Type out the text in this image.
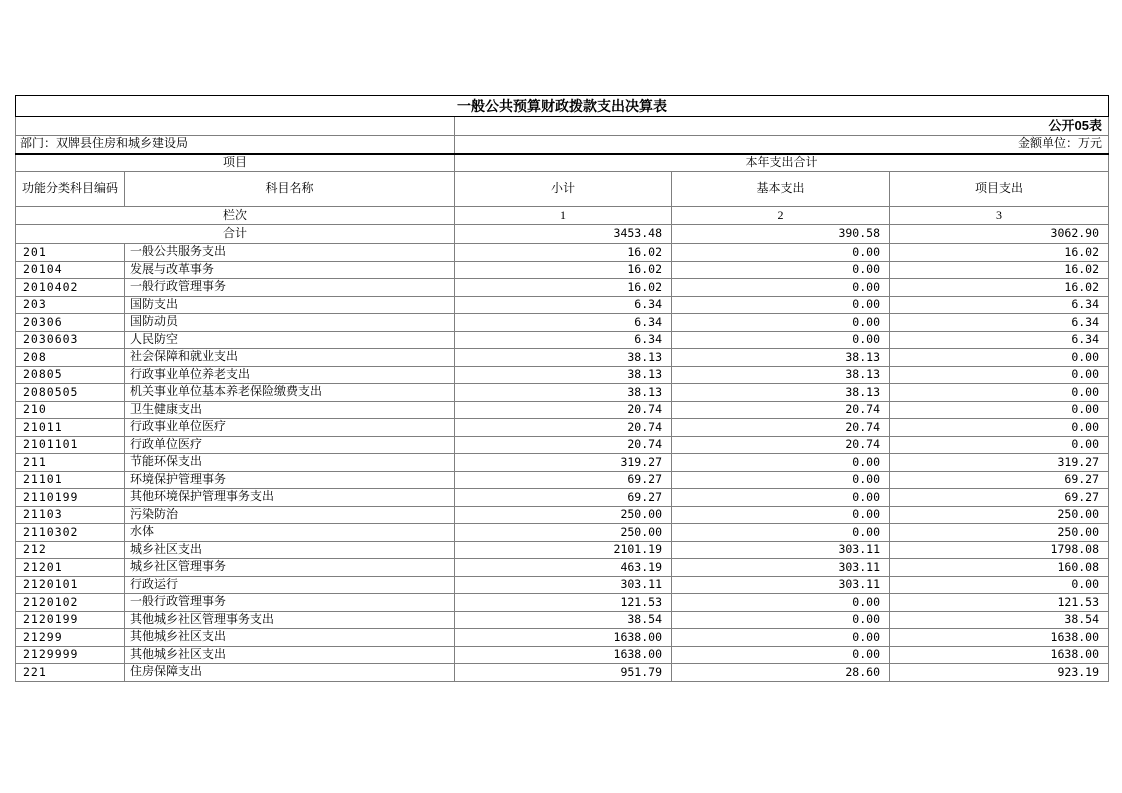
一般公共预算财政拨款支出决算表				
		公开05表		
部门：双牌县住房和城乡建设局		金额单位：万元		
项目		本年支出合计		
功能分类科目编码	科目名称	小计	基本支出	项目支出
栏次		1	2	3
合计		3453.48	390.58	3062.90
201	一般公共服务支出	16.02	0.00	16.02
20104	发展与改革事务	16.02	0.00	16.02
2010402	一般行政管理事务	16.02	0.00	16.02
203	国防支出	6.34	0.00	6.34
20306	国防动员	6.34	0.00	6.34
2030603	人民防空	6.34	0.00	6.34
208	社会保障和就业支出	38.13	38.13	0.00
20805	行政事业单位养老支出	38.13	38.13	0.00
2080505	机关事业单位基本养老保险缴费支出	38.13	38.13	0.00
210	卫生健康支出	20.74	20.74	0.00
21011	行政事业单位医疗	20.74	20.74	0.00
2101101	行政单位医疗	20.74	20.74	0.00
211	节能环保支出	319.27	0.00	319.27
21101	环境保护管理事务	69.27	0.00	69.27
2110199	其他环境保护管理事务支出	69.27	0.00	69.27
21103	污染防治	250.00	0.00	250.00
2110302	水体	250.00	0.00	250.00
212	城乡社区支出	2101.19	303.11	1798.08
21201	城乡社区管理事务	463.19	303.11	160.08
2120101	行政运行	303.11	303.11	0.00
2120102	一般行政管理事务	121.53	0.00	121.53
2120199	其他城乡社区管理事务支出	38.54	0.00	38.54
21299	其他城乡社区支出	1638.00	0.00	1638.00
2129999	其他城乡社区支出	1638.00	0.00	1638.00
221	住房保障支出	951.79	28.60	923.19
